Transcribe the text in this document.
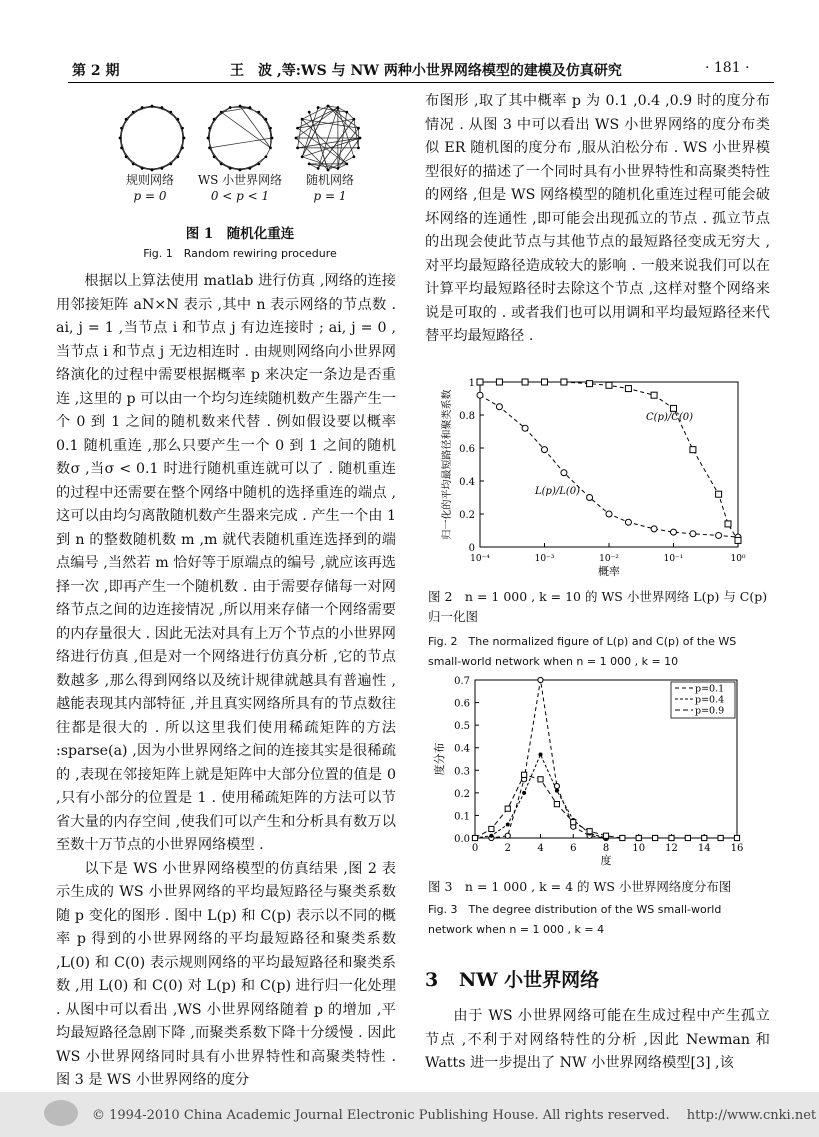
第 2 期	王　波 ,等:WS 与 NW 两种小世界网络模型的建模及仿真研究	· 181 ·
规则网络
p = 0
WS 小世界网络
0 < p < 1
随机网络
p = 1
图 1　随机化重连
Fig. 1　Random rewiring procedure

根据以上算法使用 matlab 进行仿真 ,网络的连接用邻接矩阵 aN×N 表示 ,其中 n 表示网络的节点数 . ai, j = 1 ,当节点 i 和节点 j 有边连接时 ; ai, j = 0 ,当节点 i 和节点 j 无边相连时 . 由规则网络向小世界网络演化的过程中需要根据概率 p 来决定一条边是否重连 ,这里的 p 可以由一个均匀连续随机数产生器产生一个 0 到 1 之间的随机数来代替 . 例如假设要以概率 0.1 随机重连 ,那么只要产生一个 0 到 1 之间的随机数σ ,当σ < 0.1 时进行随机重连就可以了 . 随机重连的过程中还需要在整个网络中随机的选择重连的端点 ,这可以由均匀离散随机数产生器来完成 . 产生一个由 1 到 n 的整数随机数 m ,m 就代表随机重连选择到的端点编号 ,当然若 m 恰好等于原端点的编号 ,就应该再选择一次 ,即再产生一个随机数 . 由于需要存储每一对网络节点之间的边连接情况 ,所以用来存储一个网络需要的内存量很大 . 因此无法对具有上万个节点的小世界网络进行仿真 ,但是对一个网络进行仿真分析 ,它的节点数越多 ,那么得到网络以及统计规律就越具有普遍性 ,越能表现其内部特征 ,并且真实网络所具有的节点数往往都是很大的 . 所以这里我们使用稀疏矩阵的方法 :sparse(a) ,因为小世界网络之间的连接其实是很稀疏的 ,表现在邻接矩阵上就是矩阵中大部分位置的值是 0 ,只有小部分的位置是 1 . 使用稀疏矩阵的方法可以节省大量的内存空间 ,使我们可以产生和分析具有数万以至数十万节点的小世界网络模型 .

以下是 WS 小世界网络模型的仿真结果 ,图 2 表示生成的 WS 小世界网络的平均最短路径与聚类系数随 p 变化的图形 . 图中 L(p) 和 C(p) 表示以不同的概率 p 得到的小世界网络的平均最短路径和聚类系数 ,L(0) 和 C(0) 表示规则网络的平均最短路径和聚类系数 ,用 L(0) 和 C(0) 对 L(p) 和 C(p) 进行归一化处理 . 从图中可以看出 ,WS 小世界网络随着 p 的增加 ,平均最短路径急剧下降 ,而聚类系数下降十分缓慢 . 因此 WS 小世界网络同时具有小世界特性和高聚类特性 . 图 3 是 WS 小世界网络的度分

布图形 ,取了其中概率 p 为 0.1 ,0.4 ,0.9 时的度分布情况 . 从图 3 中可以看出 WS 小世界网络的度分布类似 ER 随机图的度分布 ,服从泊松分布 . WS 小世界模型很好的描述了一个同时具有小世界特性和高聚类特性的网络 ,但是 WS 网络模型的随机化重连过程可能会破坏网络的连通性 ,即可能会出现孤立的节点 . 孤立节点的出现会使此节点与其他节点的最短路径变成无穷大 ,对平均最短路径造成较大的影响 . 一般来说我们可以在计算平均最短路径时去除这个节点 ,这样对整个网络来说是可取的 . 或者我们也可以用调和平均最短路径来代替平均最短路径 .

0
0.2
0.4
0.6
0.8
1
10⁻⁴	10⁻³	10⁻²	10⁻¹	10⁰
概率
归一化的平均最短路径和聚类系数	L(p)/L(0)
C(p)/C(0)
图 2　n = 1 000 , k = 10 的 WS 小世界网络 L(p) 与 C(p) 归一化图
Fig. 2　The normalized figure of L(p) and C(p) of the WS small-world network when n = 1 000 , k = 10
0.0
0.1
0.2
0.3
0.4
0.5
0.6
0.7
0	2	4	6	8 10 12 14 16
度
度分布
p=0.1
p=0.4
p=0.9
图 3　n = 1 000 , k = 4 的 WS 小世界网络度分布图
Fig. 3　The degree distribution of the WS small-world network when n = 1 000 , k = 4
3 NW 小世界网络

由于 WS 小世界网络可能在生成过程中产生孤立节点 ,不利于对网络特性的分析 ,因此 Newman 和 Watts 进一步提出了 NW 小世界网络模型[3] ,该

© 1994-2010 China Academic Journal Electronic Publishing House. All rights reserved.　 http://www.cnki.net
